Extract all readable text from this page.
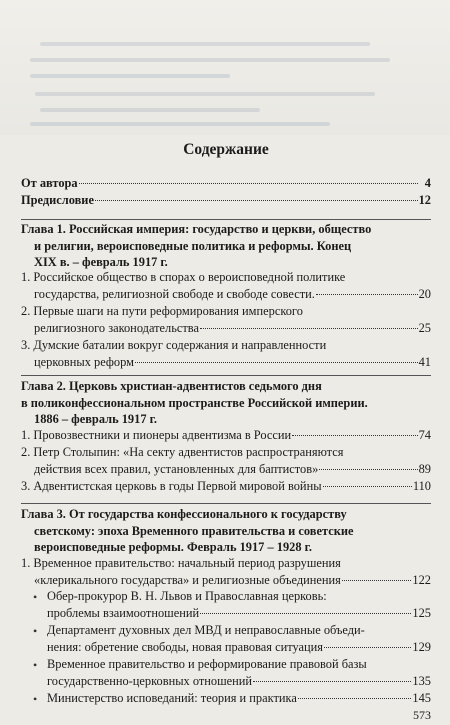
Содержание
От автора	4
Предисловие	12
Глава 1. Российская империя: государство и церкви, общество
и религии, вероисповедные политика и реформы. Конец
XIX в. – февраль 1917 г.
1. Российское общество в спорах о вероисповедной политике
государства, религиозной свободе и свободе совести.	20
2. Первые шаги на пути реформирования имперского
религиозного законодательства	25
3. Думские баталии вокруг содержания и направленности
церковных реформ	41
Глава 2. Церковь христиан-адвентистов седьмого дня
в поликонфессиональном пространстве Российской империи.
1886 – февраль 1917 г.
1. Провозвестники и пионеры адвентизма в России	74
2. Петр Столыпин: «На секту адвентистов распространяются
действия всех правил, установленных для баптистов»	89
3. Адвентистская церковь в годы Первой мировой войны	110
Глава 3. От государства конфессионального к государству
светскому: эпоха Временного правительства и советские
вероисповедные реформы. Февраль 1917 – 1928 г.
1. Временное правительство: начальный период разрушения
«клерикального государства» и религиозные объединения	122
• Обер-прокурор В. Н. Львов и Православная церковь:
проблемы взаимоотношений	125
• Департамент духовных дел МВД и неправославные объеди-
нения: обретение свободы, новая правовая ситуация	129
• Временное правительство и реформирование правовой базы
государственно-церковных отношений	135
• Министерство исповеданий: теория и практика	145
573
